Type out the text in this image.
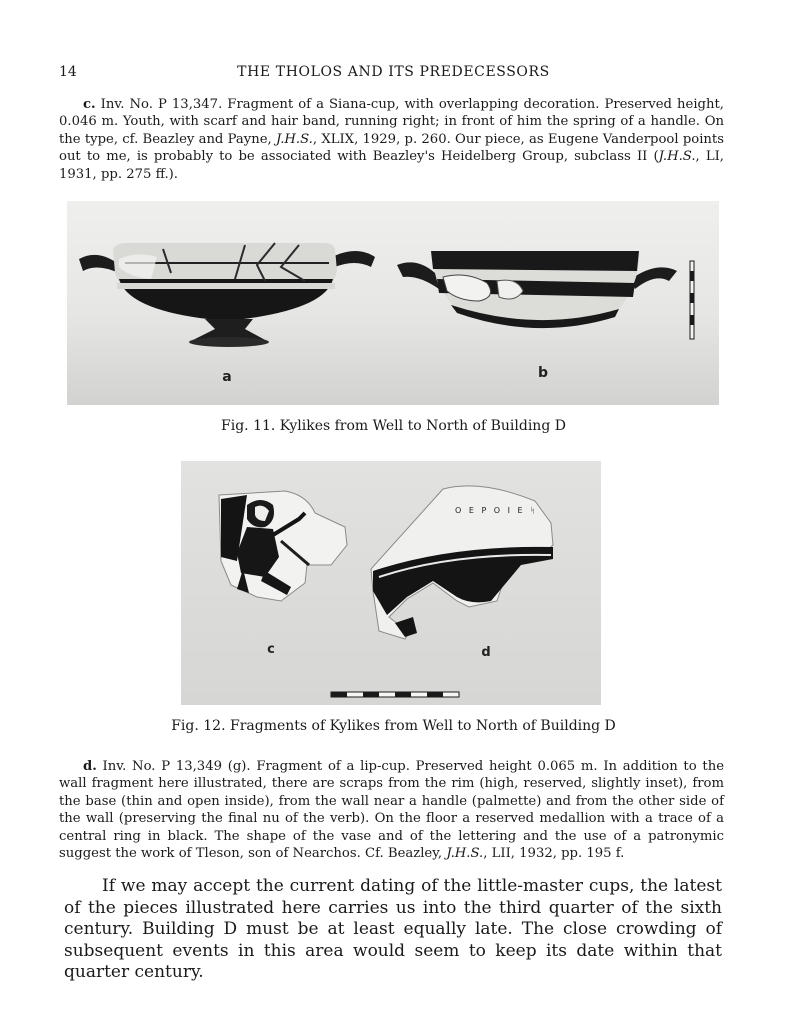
14	THE THOLOS AND ITS PREDECESSORS
c. Inv. No. P 13,347. Fragment of a Siana-cup, with overlapping decoration. Preserved height, 0.046 m. Youth, with scarf and hair band, running right; in front of him the spring of a handle. On the type, cf. Beazley and Payne, J.H.S., XLIX, 1929, p. 260. Our piece, as Eugene Vanderpool points out to me, is probably to be associated with Beazley's Heidelberg Group, subclass II (J.H.S., LI, 1931, pp. 275 ff.).
a	b
Fig. 11. Kylikes from Well to North of Building D
O E P O I E ᛋ
c	d
Fig. 12. Fragments of Kylikes from Well to North of Building D
d. Inv. No. P 13,349 (g). Fragment of a lip-cup. Preserved height 0.065 m. In addition to the wall fragment here illustrated, there are scraps from the rim (high, reserved, slightly inset), from the base (thin and open inside), from the wall near a handle (palmette) and from the other side of the wall (preserving the final nu of the verb). On the floor a reserved medallion with a trace of a central ring in black. The shape of the vase and of the lettering and the use of a patronymic suggest the work of Tleson, son of Nearchos. Cf. Beazley, J.H.S., LII, 1932, pp. 195 f.
If we may accept the current dating of the little-master cups, the latest of the pieces illustrated here carries us into the third quarter of the sixth century. Building D must be at least equally late. The close crowding of subsequent events in this area would seem to keep its date within that quarter century.
